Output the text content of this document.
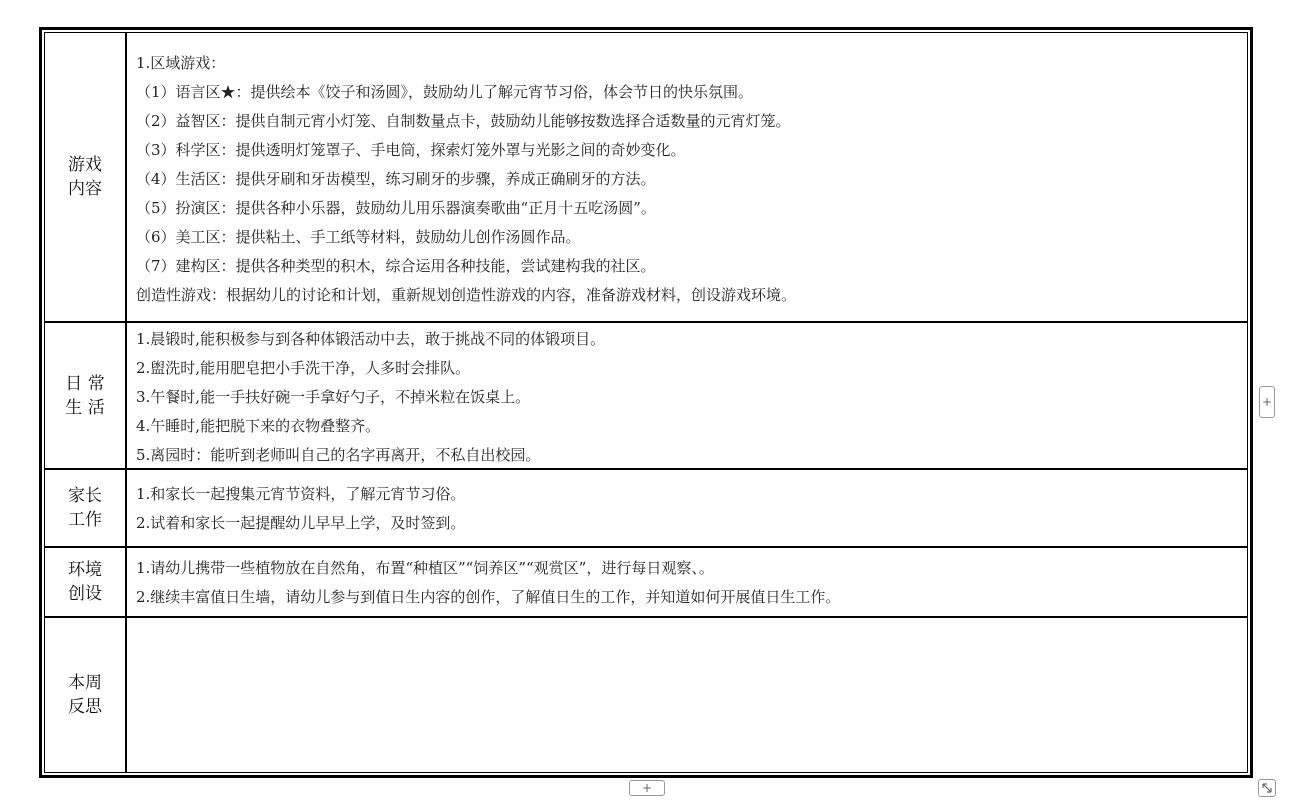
游戏
内容
1.区域游戏：
（1）语言区★：提供绘本《饺子和汤圆》，鼓励幼儿了解元宵节习俗，体会节日的快乐氛围。
（2）益智区：提供自制元宵小灯笼、自制数量点卡，鼓励幼儿能够按数选择合适数量的元宵灯笼。
（3）科学区：提供透明灯笼罩子、手电筒，探索灯笼外罩与光影之间的奇妙变化。
（4）生活区：提供牙刷和牙齿模型，练习刷牙的步骤，养成正确刷牙的方法。
（5）扮演区：提供各种小乐器，鼓励幼儿用乐器演奏歌曲“正月十五吃汤圆”。
（6）美工区：提供粘土、手工纸等材料，鼓励幼儿创作汤圆作品。
（7）建构区：提供各种类型的积木，综合运用各种技能，尝试建构我的社区。
创造性游戏：根据幼儿的讨论和计划，重新规划创造性游戏的内容，准备游戏材料，创设游戏环境。
日 常
生 活
1.晨锻时,能积极参与到各种体锻活动中去，敢于挑战不同的体锻项目。
2.盥洗时,能用肥皂把小手洗干净，人多时会排队。
3.午餐时,能一手扶好碗一手拿好勺子，不掉米粒在饭桌上。
4.午睡时,能把脱下来的衣物叠整齐。
5.离园时：能听到老师叫自己的名字再离开，不私自出校园。
家长
工作
1.和家长一起搜集元宵节资料，了解元宵节习俗。
2.试着和家长一起提醒幼儿早早上学，及时签到。
环境
创设
1.请幼儿携带一些植物放在自然角，布置“种植区”“饲养区”“观赏区”，进行每日观察、。
2.继续丰富值日生墙，请幼儿参与到值日生内容的创作，了解值日生的工作，并知道如何开展值日生工作。
本周
反思
+
+
